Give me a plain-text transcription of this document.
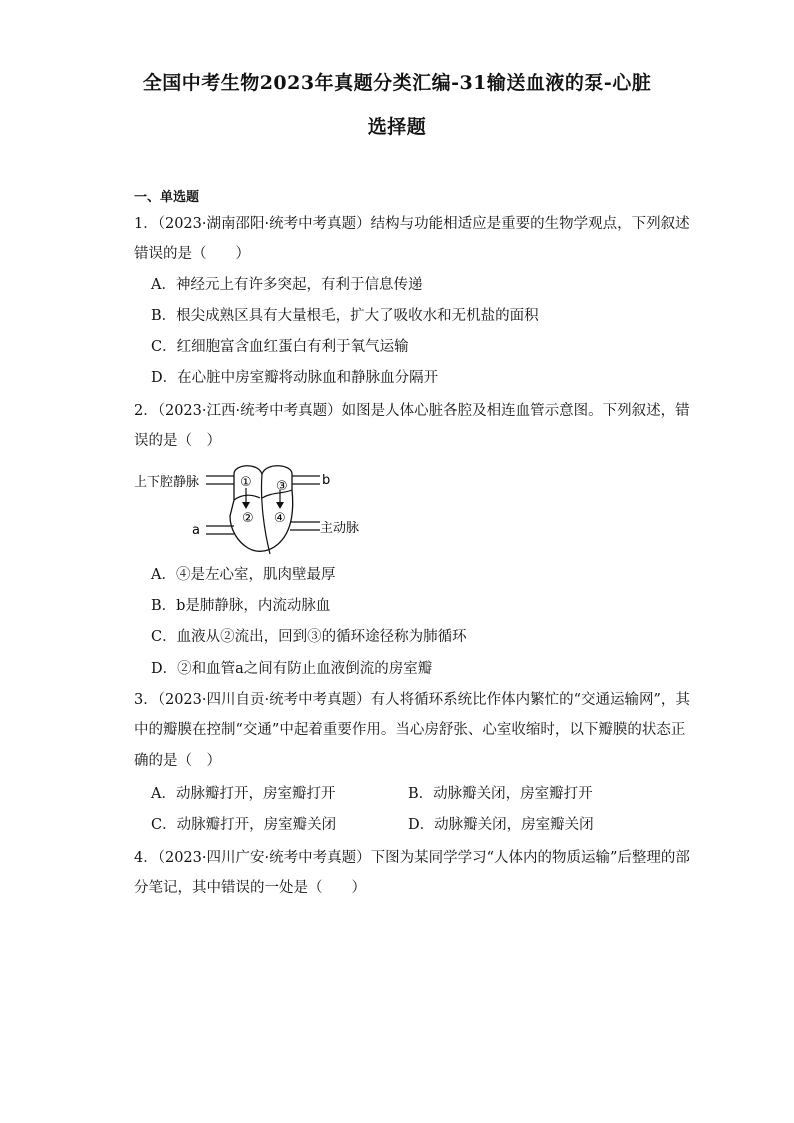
全国中考生物2023年真题分类汇编-31输送血液的泵-心脏
选择题
一、单选题
1．（2023·湖南邵阳·统考中考真题）结构与功能相适应是重要的生物学观点，下列叙述
错误的是（　　）
A．神经元上有许多突起，有利于信息传递
B．根尖成熟区具有大量根毛，扩大了吸收水和无机盐的面积
C．红细胞富含血红蛋白有利于氧气运输
D．在心脏中房室瓣将动脉血和静脉血分隔开
2．（2023·江西·统考中考真题）如图是人体心脏各腔及相连血管示意图。下列叙述，错
误的是（　）
上下腔静脉	b
a	主动脉
①
②
③
④
A．④是左心室，肌肉壁最厚
B．b是肺静脉，内流动脉血
C．血液从②流出，回到③的循环途径称为肺循环
D．②和血管a之间有防止血液倒流的房室瓣
3．（2023·四川自贡·统考中考真题）有人将循环系统比作体内繁忙的“交通运输网”，其
中的瓣膜在控制“交通”中起着重要作用。当心房舒张、心室收缩时，以下瓣膜的状态正
确的是（　）
A．动脉瓣打开，房室瓣打开	B．动脉瓣关闭，房室瓣打开
C．动脉瓣打开，房室瓣关闭	D．动脉瓣关闭，房室瓣关闭
4．（2023·四川广安·统考中考真题）下图为某同学学习“人体内的物质运输”后整理的部
分笔记，其中错误的一处是（　　）
